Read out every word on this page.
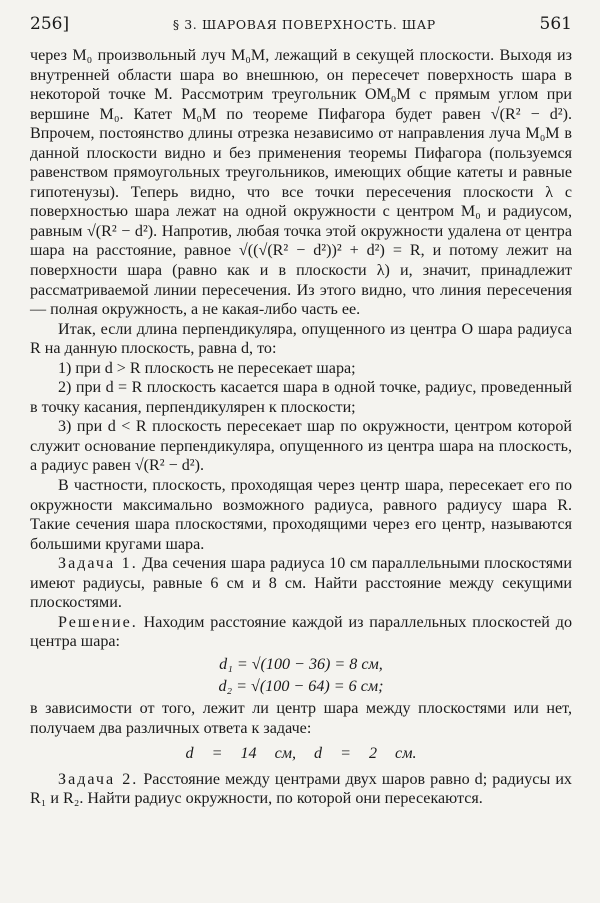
256]	§ 3. ШАРОВАЯ ПОВЕРХНОСТЬ. ШАР	561

через M₀ произвольный луч M₀M, лежащий в секущей плоскости. Выходя из внутренней области шара во внешнюю, он пересечет поверхность шара в некоторой точке M. Рассмотрим треугольник OM₀M с прямым углом при вершине M₀. Катет M₀M по теореме Пифагора будет равен √(R² − d²). Впрочем, постоянство длины отрезка независимо от направления луча M₀M в данной плоскости видно и без применения теоремы Пифагора (пользуемся равенством прямоугольных треугольников, имеющих общие катеты и равные гипотенузы). Теперь видно, что все точки пересечения плоскости λ с поверхностью шара лежат на одной окружности с центром M₀ и радиусом, равным √(R² − d²). Напротив, любая точка этой окружности удалена от центра шара на расстояние, равное √((√(R² − d²))² + d²) = R, и потому лежит на поверхности шара (равно как и в плоскости λ) и, значит, принадлежит рассматриваемой линии пересечения. Из этого видно, что линия пересечения — полная окружность, а не какая-либо часть ее.

Итак, если длина перпендикуляра, опущенного из центра O шара радиуса R на данную плоскость, равна d, то:

1) при d > R плоскость не пересекает шара;

2) при d = R плоскость касается шара в одной точке, радиус, проведенный в точку касания, перпендикулярен к плоскости;

3) при d < R плоскость пересекает шар по окружности, центром которой служит основание перпендикуляра, опущенного из центра шара на плоскость, а радиус равен √(R² − d²).

В частности, плоскость, проходящая через центр шара, пересекает его по окружности максимально возможного радиуса, равного радиусу шара R. Такие сечения шара плоскостями, проходящими через его центр, называются большими кругами шара.

Задача 1. Два сечения шара радиуса 10 см параллельными плоскостями имеют радиусы, равные 6 см и 8 см. Найти расстояние между секущими плоскостями.

Решение. Находим расстояние каждой из параллельных плоскостей до центра шара:

d₁ = √(100 − 36) = 8 см,
d₂ = √(100 − 64) = 6 см;

в зависимости от того, лежит ли центр шара между плоскостями или нет, получаем два различных ответа к задаче:

d = 14 см, d = 2 см.

Задача 2. Расстояние между центрами двух шаров равно d; радиусы их R₁ и R₂. Найти радиус окружности, по которой они пересекаются.
